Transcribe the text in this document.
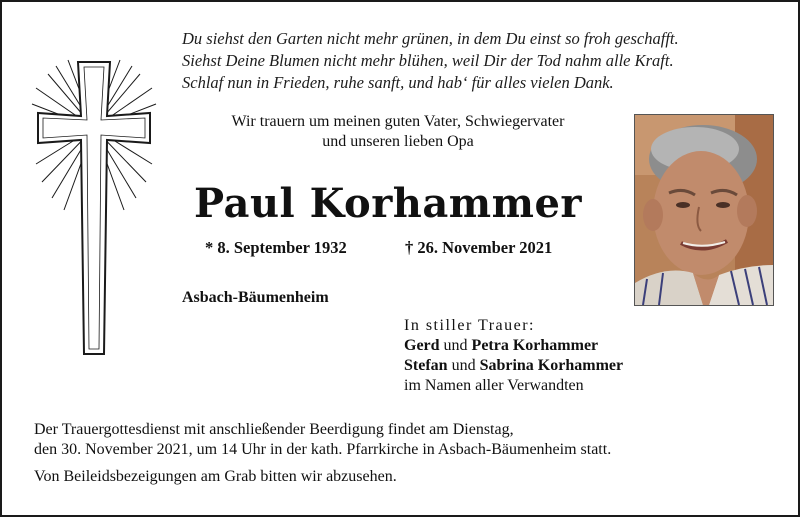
Du siehst den Garten nicht mehr grünen, in dem Du einst so froh geschafft.
Siehst Deine Blumen nicht mehr blühen, weil Dir der Tod nahm alle Kraft.
Schlaf nun in Frieden, ruhe sanft, und hab‘ für alles vielen Dank.
Wir trauern um meinen guten Vater, Schwiegervater
und unseren lieben Opa
Paul Korhammer
* 8. September 1932	† 26. November 2021
Asbach-Bäumenheim
In stiller Trauer:
Gerd und Petra Korhammer
Stefan und Sabrina Korhammer
im Namen aller Verwandten
Der Trauergottesdienst mit anschließender Beerdigung findet am Dienstag,
den 30. November 2021, um 14 Uhr in der kath. Pfarrkirche in Asbach-Bäumenheim statt.
Von Beileidsbezeigungen am Grab bitten wir abzusehen.
